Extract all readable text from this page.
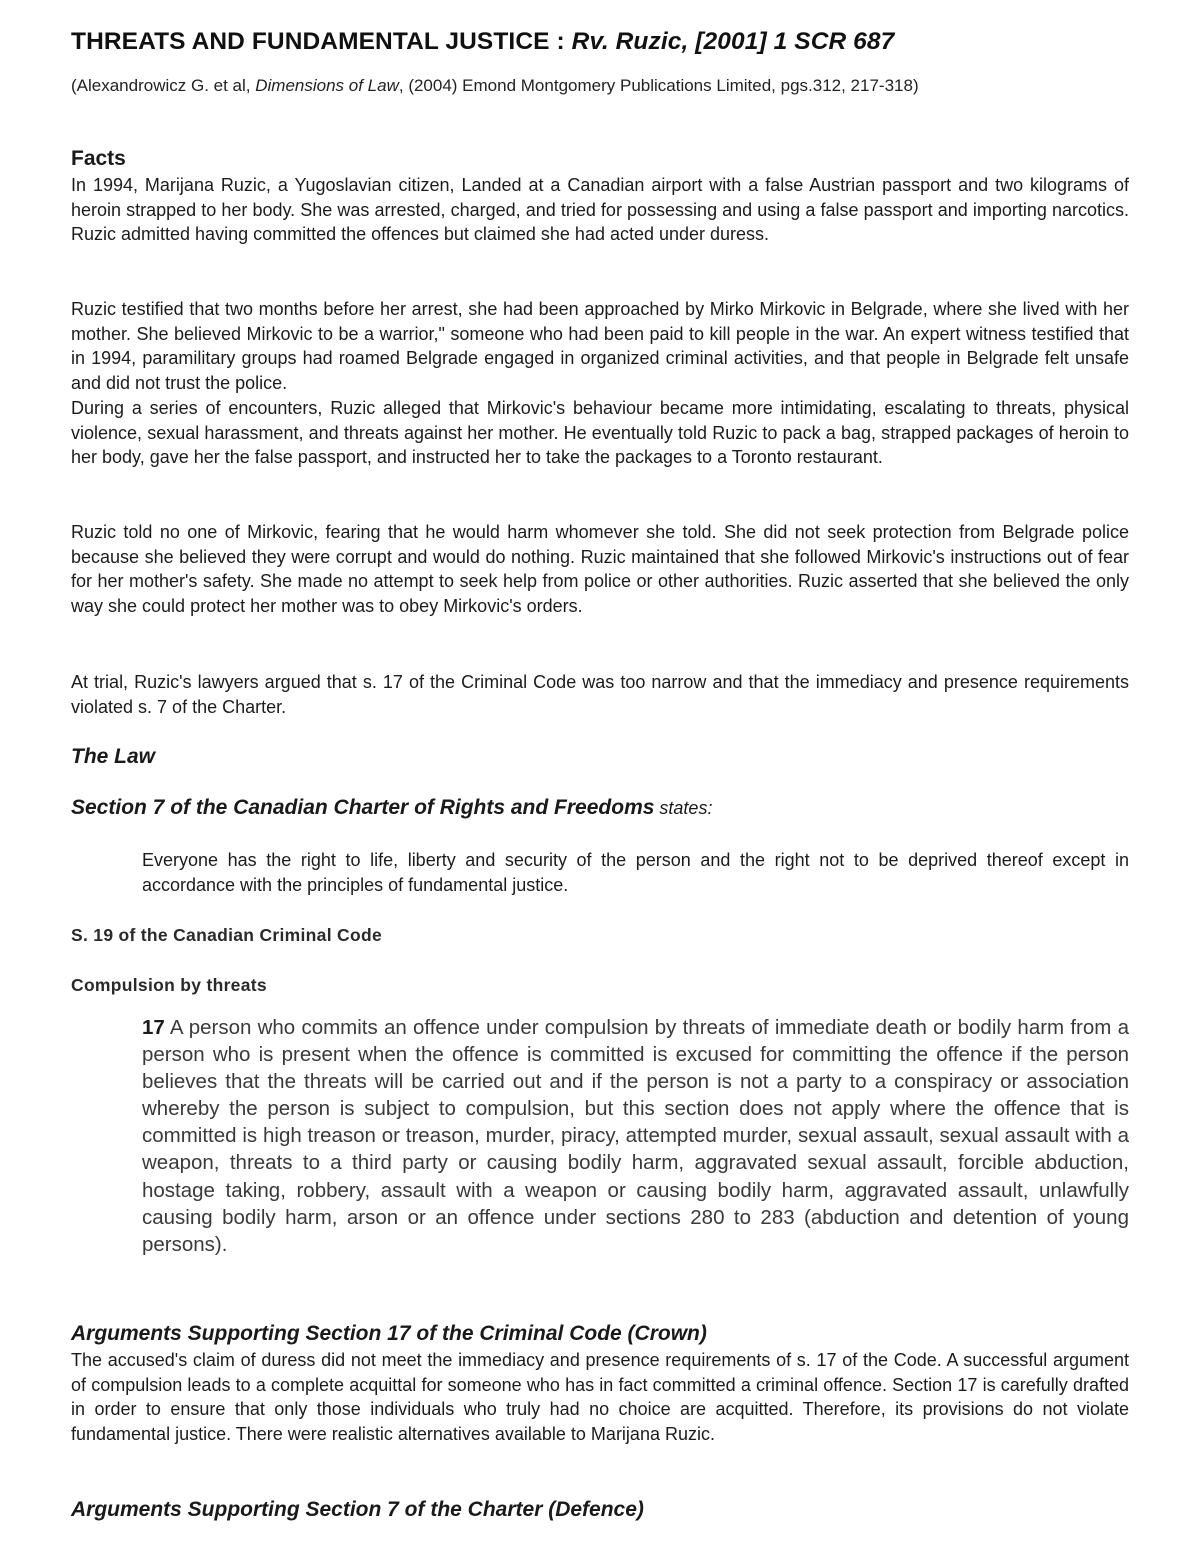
THREATS AND FUNDAMENTAL JUSTICE : Rv. Ruzic, [2001] 1 SCR 687

(Alexandrowicz G. et al, Dimensions of Law, (2004) Emond Montgomery Publications Limited, pgs.312, 217-318)

Facts

In 1994, Marijana Ruzic, a Yugoslavian citizen, Landed at a Canadian airport with a false Austrian passport and two kilograms of heroin strapped to her body. She was arrested, charged, and tried for possessing and using a false passport and importing narcotics. Ruzic admitted having committed the offences but claimed she had acted under duress.

Ruzic testified that two months before her arrest, she had been approached by Mirko Mirkovic in Belgrade, where she lived with her mother. She believed Mirkovic to be a warrior," someone who had been paid to kill people in the war. An expert witness testified that in 1994, paramilitary groups had roamed Belgrade engaged in organized criminal activities, and that people in Belgrade felt unsafe and did not trust the police.

During a series of encounters, Ruzic alleged that Mirkovic's behaviour became more intimidating, escalating to threats, physical violence, sexual harassment, and threats against her mother. He eventually told Ruzic to pack a bag, strapped packages of heroin to her body, gave her the false passport, and instructed her to take the packages to a Toronto restaurant.

Ruzic told no one of Mirkovic, fearing that he would harm whomever she told. She did not seek protection from Belgrade police because she believed they were corrupt and would do nothing. Ruzic maintained that she followed Mirkovic's instructions out of fear for her mother's safety. She made no attempt to seek help from police or other authorities. Ruzic asserted that she believed the only way she could protect her mother was to obey Mirkovic's orders.

At trial, Ruzic's lawyers argued that s. 17 of the Criminal Code was too narrow and that the immediacy and presence requirements violated s. 7 of the Charter.

The Law
Section 7 of the Canadian Charter of Rights and Freedoms states:

Everyone has the right to life, liberty and security of the person and the right not to be deprived thereof except in accordance with the principles of fundamental justice.

S. 19 of the Canadian Criminal Code
Compulsion by threats

17 A person who commits an offence under compulsion by threats of immediate death or bodily harm from a person who is present when the offence is committed is excused for committing the offence if the person believes that the threats will be carried out and if the person is not a party to a conspiracy or association whereby the person is subject to compulsion, but this section does not apply where the offence that is committed is high treason or treason, murder, piracy, attempted murder, sexual assault, sexual assault with a weapon, threats to a third party or causing bodily harm, aggravated sexual assault, forcible abduction, hostage taking, robbery, assault with a weapon or causing bodily harm, aggravated assault, unlawfully causing bodily harm, arson or an offence under sections 280 to 283 (abduction and detention of young persons).

Arguments Supporting Section 17 of the Criminal Code (Crown)

The accused's claim of duress did not meet the immediacy and presence requirements of s. 17 of the Code. A successful argument of compulsion leads to a complete acquittal for someone who has in fact committed a criminal offence. Section 17 is carefully drafted in order to ensure that only those individuals who truly had no choice are acquitted. Therefore, its provisions do not violate fundamental justice. There were realistic alternatives available to Marijana Ruzic.

Arguments Supporting Section 7 of the Charter (Defence)
